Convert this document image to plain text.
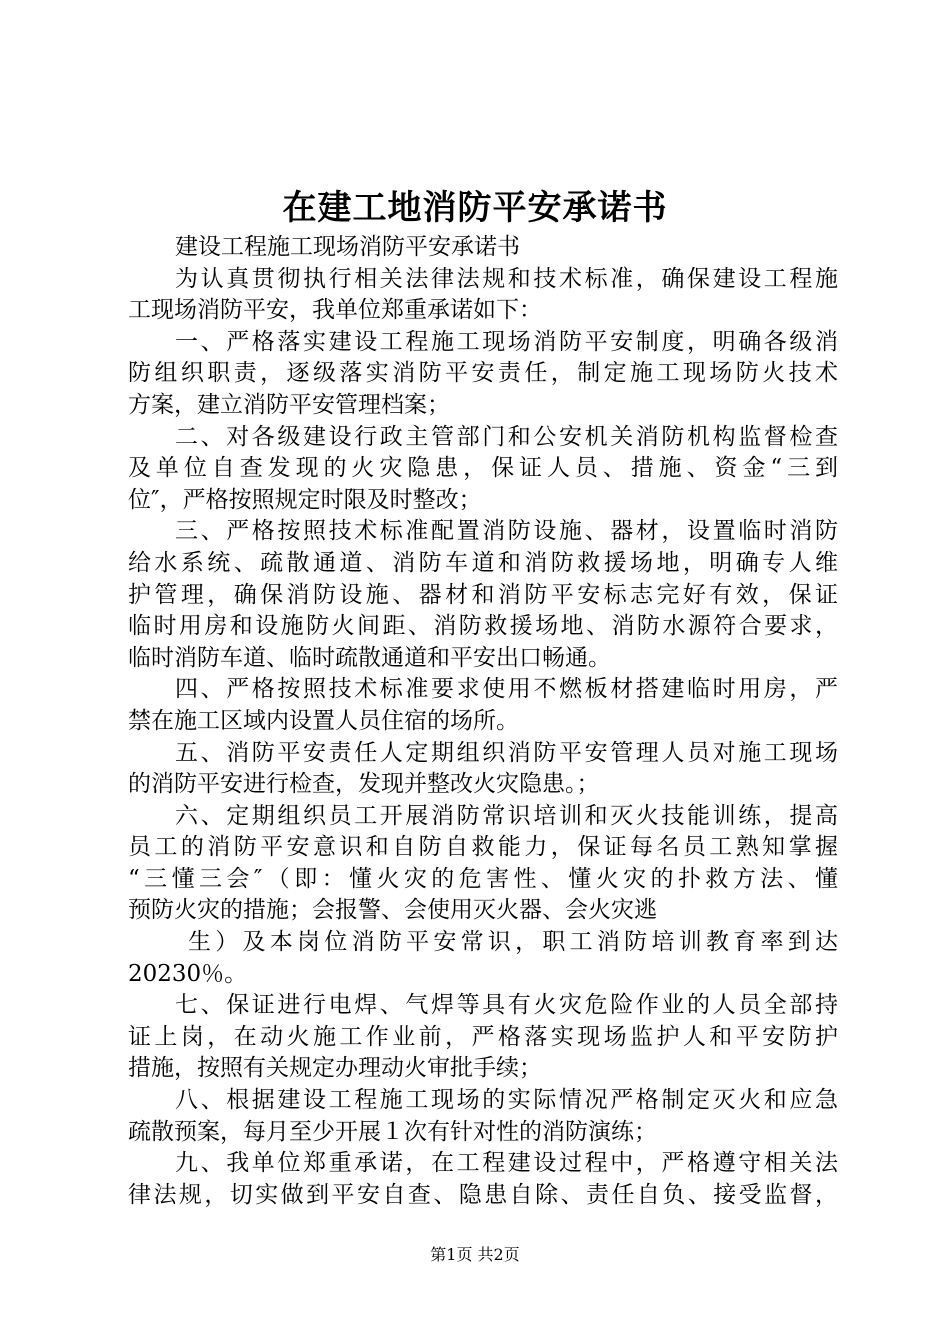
在建工地消防平安承诺书
建设工程施工现场消防平安承诺书
为认真贯彻执行相关法律法规和技术标准，确保建设工程施
工现场消防平安，我单位郑重承诺如下：
一、严格落实建设工程施工现场消防平安制度，明确各级消
防组织职责，逐级落实消防平安责任，制定施工现场防火技术
方案，建立消防平安管理档案；
二、对各级建设行政主管部门和公安机关消防机构监督检查
及单位自查发现的火灾隐患，保证人员、措施、资金“三到
位″，严格按照规定时限及时整改；
三、严格按照技术标准配置消防设施、器材，设置临时消防
给水系统、疏散通道、消防车道和消防救援场地，明确专人维
护管理，确保消防设施、器材和消防平安标志完好有效，保证
临时用房和设施防火间距、消防救援场地、消防水源符合要求，
临时消防车道、临时疏散通道和平安出口畅通。
四、严格按照技术标准要求使用不燃板材搭建临时用房，严
禁在施工区域内设置人员住宿的场所。
五、消防平安责任人定期组织消防平安管理人员对施工现场
的消防平安进行检查，发现并整改火灾隐患。；
六、定期组织员工开展消防常识培训和灭火技能训练，提高
员工的消防平安意识和自防自救能力，保证每名员工熟知掌握
“三懂三会″（即：懂火灾的危害性、懂火灾的扑救方法、懂
预防火灾的措施；会报警、会使用灭火器、会火灾逃
生）及本岗位消防平安常识，职工消防培训教育率到达
20230％。
七、保证进行电焊、气焊等具有火灾危险作业的人员全部持
证上岗，在动火施工作业前，严格落实现场监护人和平安防护
措施，按照有关规定办理动火审批手续；
八、根据建设工程施工现场的实际情况严格制定灭火和应急
疏散预案，每月至少开展１次有针对性的消防演练；
九、我单位郑重承诺，在工程建设过程中，严格遵守相关法
律法规，切实做到平安自查、隐患自除、责任自负、接受监督，
第1页 共2页
